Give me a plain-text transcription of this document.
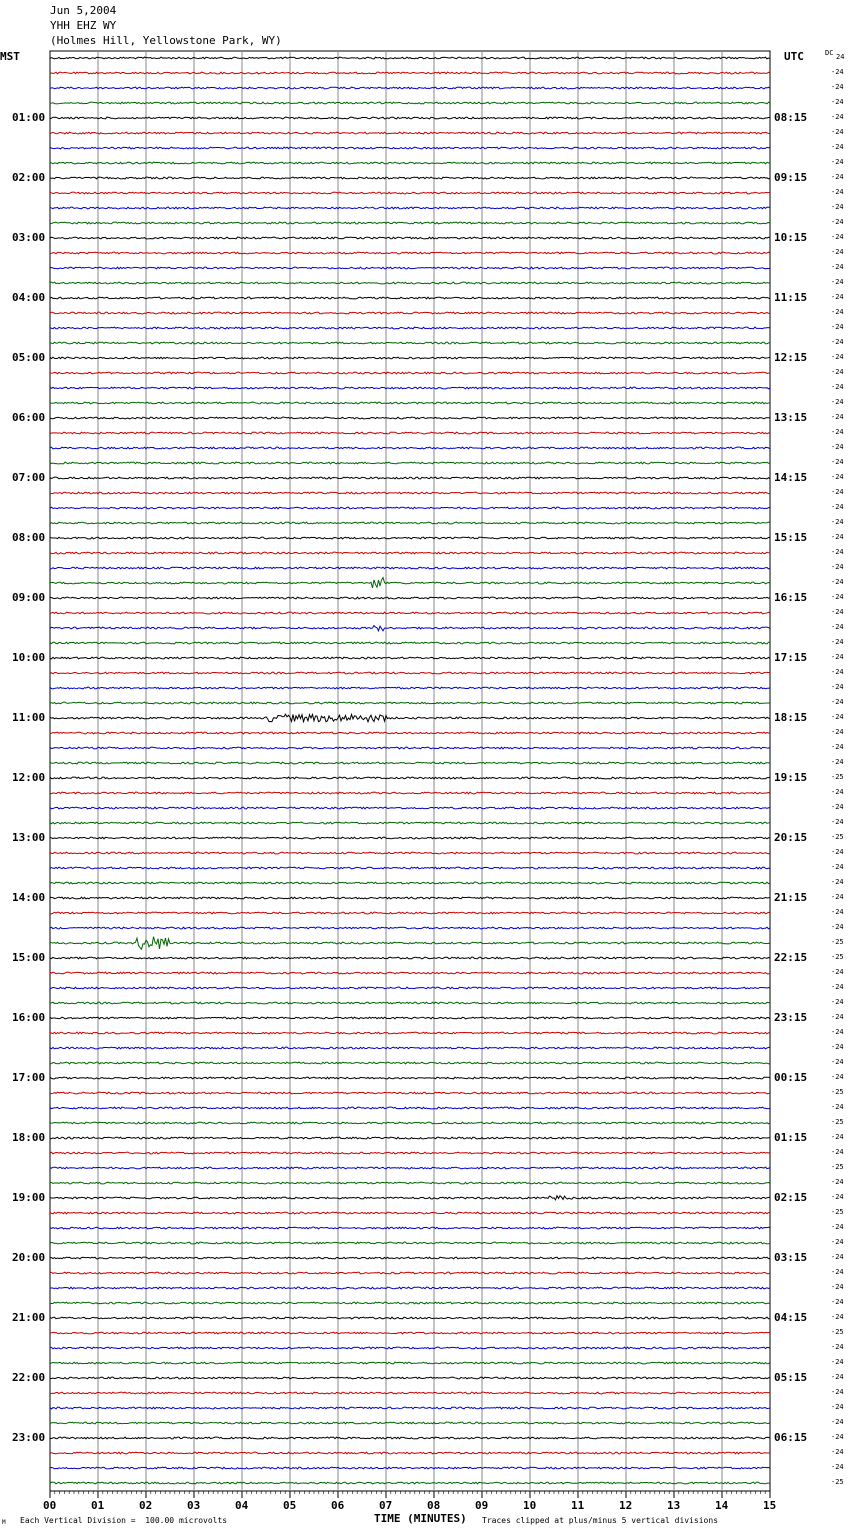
Jun 5,2004
YHH EHZ WY
(Holmes Hill, Yellowstone Park, WY)
MST	UTC	DC 24
-24
-24
-24
-24
-24
-24
-24
-24
-24
-24
-24
-24
-24
-24
-24
-24
-24
-24
-24
-24
-24
-24
-24
-24
-24
-24
-24
-24
-24
-24
-24
-24
-24
-24
-24
-24
-24
-24
-24
-24
-24
-24
-24
-24
-24
-24
-24
-25
-24
-24
-24
-25
-24
-24
-24
-24
-24
-24
-25
-25
-24
-24
-24
-24
-24
-24
-24
-24
-25
-24
-25
-24
-24
-25
-24
-24
-25
-24
-24
-24
-24
-24
-24
-24
-25
-24
-24
-24
-24
-24
-24
-24
-24
-24
-25
01:00	08:15
02:00	09:15
03:00	10:15
04:00	11:15
05:00	12:15
06:00	13:15
07:00	14:15
08:00	15:15
09:00	16:15
10:00	17:15
11:00	18:15
12:00	19:15
13:00	20:15
14:00	21:15
15:00	22:15
16:00	23:15
17:00	00:15
18:00	01:15
19:00	02:15
20:00	03:15
21:00	04:15
22:00	05:15
23:00	06:15
00	01	02	03	04	05	06	07	08	09	10	11	12	13	14	15
M Each Vertical Division =  100.00 microvolts	TIME (MINUTES) Traces clipped at plus/minus 5 vertical divisions
